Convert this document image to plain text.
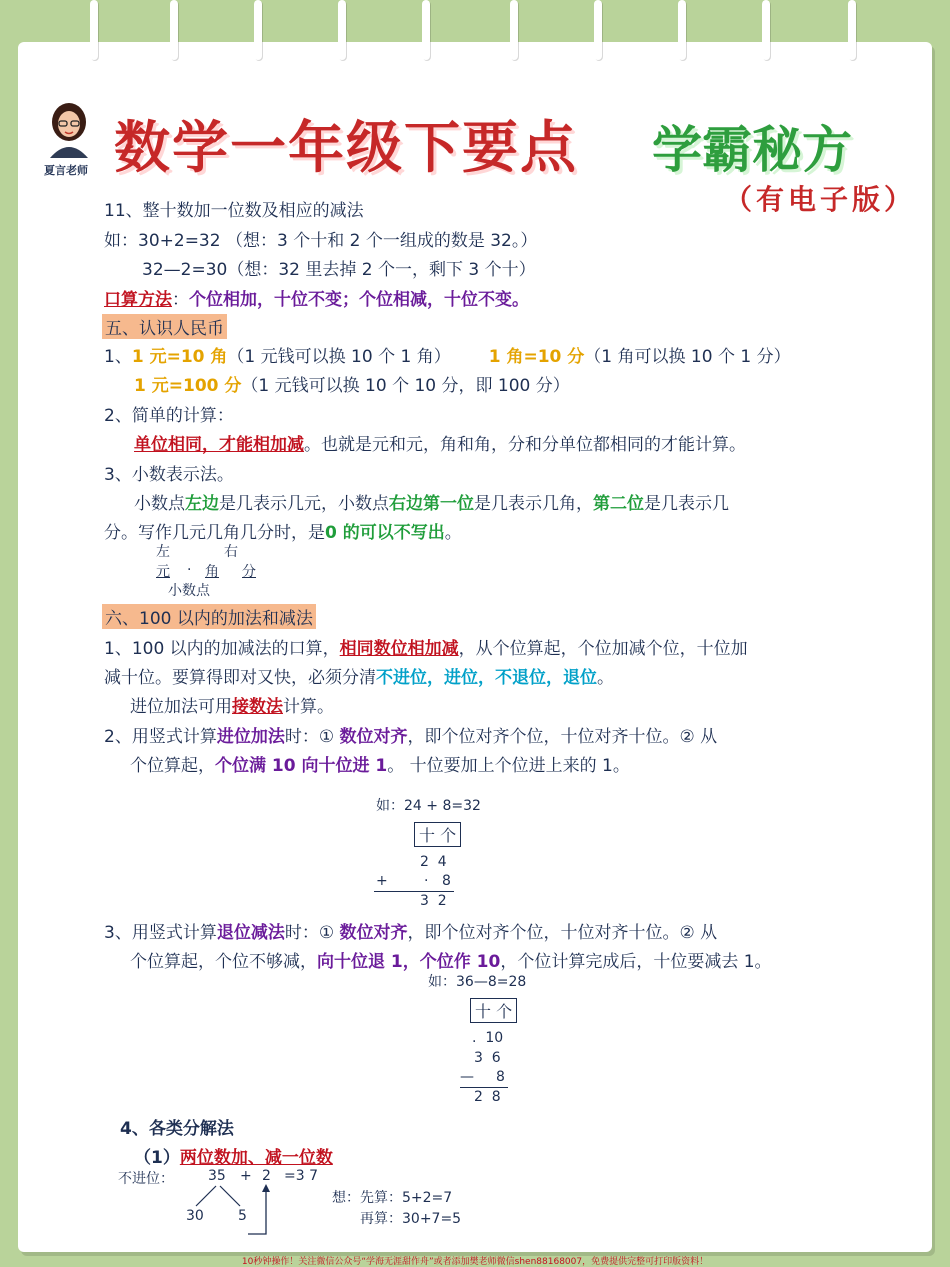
夏言老师 数学一年级下要点 学霸秘方
（有电子版）
11、整十数加一位数及相应的减法
如：30+2=32 （想：3 个十和 2 个一组成的数是 32。）
32—2=30（想：32 里去掉 2 个一，剩下 3 个十）
口算方法：个位相加，十位不变；个位相减，十位不变。
五、认识人民币
1、1 元=10 角（1 元钱可以换 10 个 1 角） 1 角=10 分（1 角可以换 10 个 1 分）
1 元=100 分（1 元钱可以换 10 个 10 分，即 100 分）
2、简单的计算：
单位相同，才能相加减。也就是元和元，角和角，分和分单位都相同的才能计算。
3、小数表示法。
小数点左边是几表示几元，小数点右边第一位是几表示几角，第二位是几表示几
分。写作几元几角几分时，是0 的可以不写出。
左	右
元 . 角 分
小数点
六、100 以内的加法和减法
1、100 以内的加减法的口算，相同数位相加减，从个位算起，个位加减个位，十位加
减十位。要算得即对又快，必须分清不进位，进位，不退位，退位。
进位加法可用接数法计算。
2、用竖式计算进位加法时：① 数位对齐，即个位对齐个位，十位对齐十位。② 从
个位算起，个位满 10 向十位进 1。 十位要加上个位进上来的 1。
如：24 + 8=32
十 个
2  4
+	. 8
3  2
3、用竖式计算退位减法时：① 数位对齐，即个位对齐个位，十位对齐十位。② 从
个位算起，个位不够减，向十位退 1，个位作 10，个位计算完成后，十位要减去 1。
如：36—8=28
十 个
.  10
3  6
— 8
2  8
4、各类分解法
（1）两位数加、减一位数
不进位： 35 + 2 =3 7
30 5
想：先算：5+2=7
再算：30+7=5
10秒钟操作！关注微信公众号“学海无涯甜作舟”或者添加樊老师微信shen88168007，免费提供完整可打印版资料！
